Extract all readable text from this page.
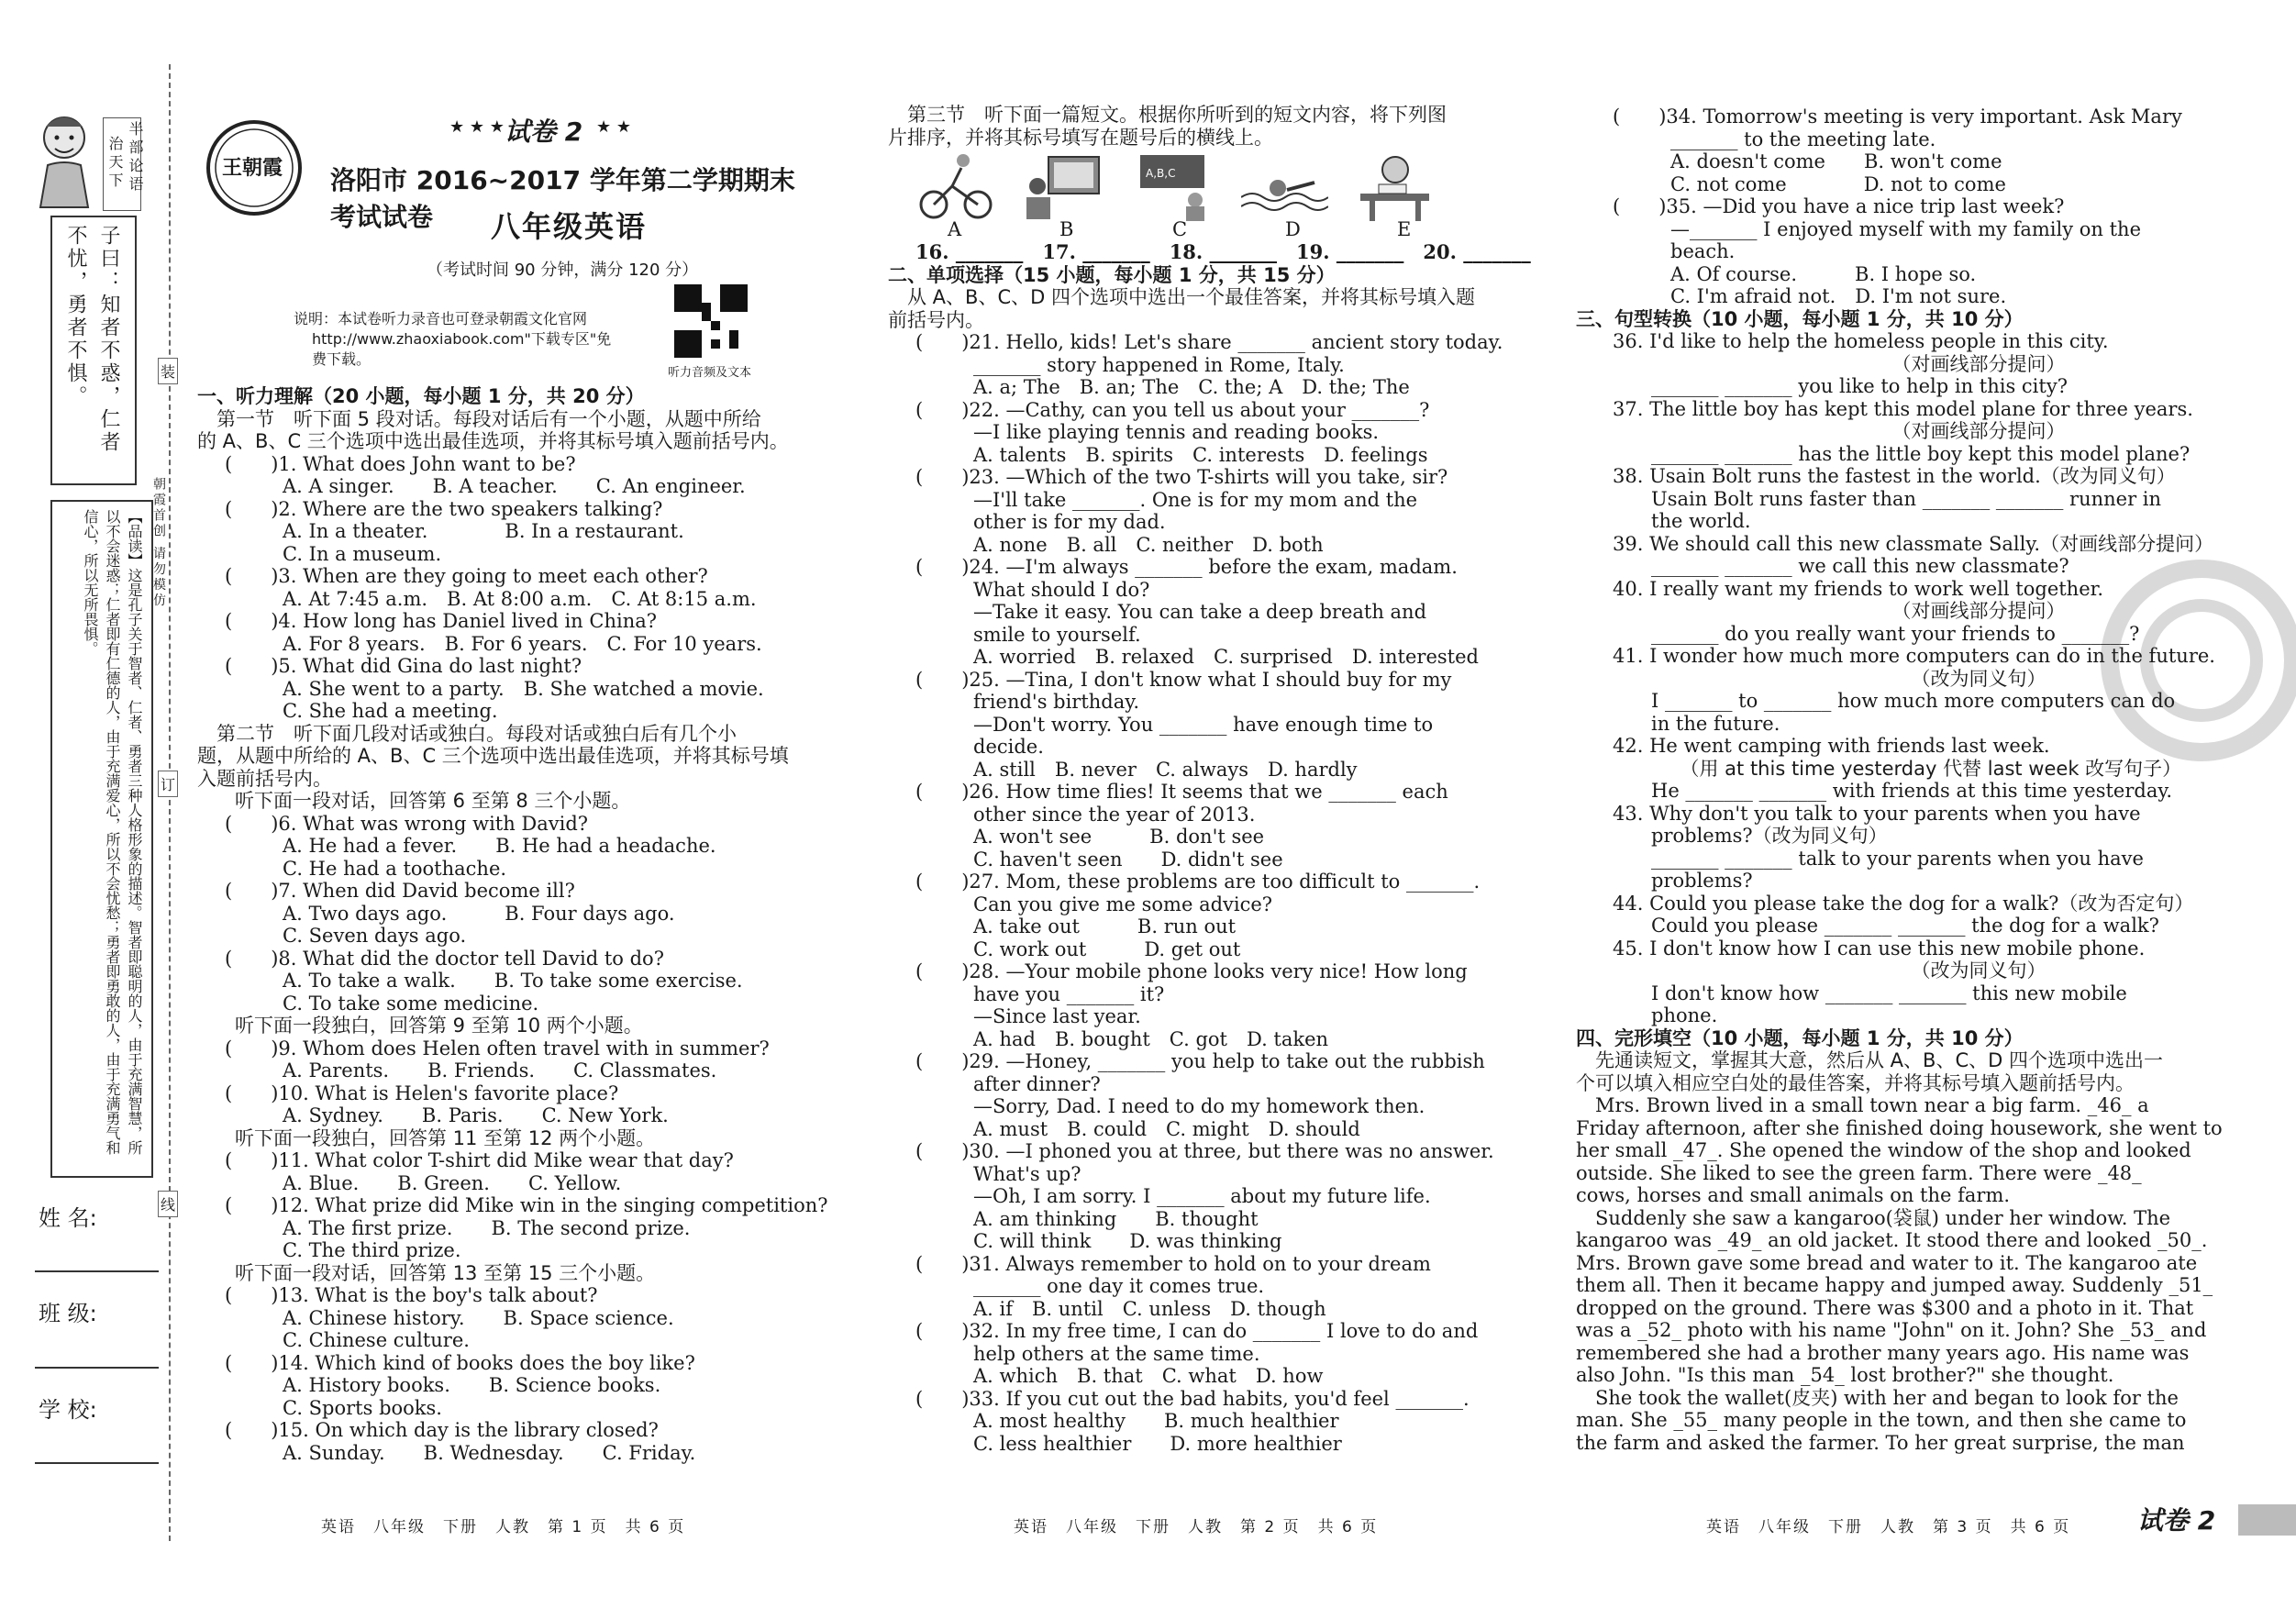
半部论语
治天下
子曰：知者不惑，仁者不忧，勇者不惧。
【品读】这是孔子关于智者、仁者、勇者三种人格形象的描述。智者即聪明的人，由于充满智慧，所以不会迷惑；仁者即有仁德的人，由于充满爱心，所以不会忧愁；勇者即勇敢的人，由于充满勇气和信心，所以无所畏惧。
姓 名:
班 级:
学 校:
装
订
线
朝霞首创 请勿模仿
王朝霞
★ ★ ★ 试卷 2 ★ ★
洛阳市 2016~2017 学年第二学期期末考试试卷	八年级英语
（考试时间 90 分钟，满分 120 分）
说明：本试卷听力录音也可登录朝霞文化官网
http://www.zhaoxiabook.com"下载专区"免
费下载。
听力音频及文本
一、听力理解（20 小题，每小题 1 分，共 20 分）
　第一节　听下面 5 段对话。每段对话后有一个小题，从题中所给
的 A、B、C 三个选项中选出最佳选项，并将其标号填入题前括号内。
(　　)1. What does John want to be?
　　　A. A singer.　　B. A teacher.　　C. An engineer.
(　　)2. Where are the two speakers talking?
　　　A. In a theater.　　　　B. In a restaurant.
　　　C. In a museum.
(　　)3. When are they going to meet each other?
　　　A. At 7:45 a.m.　B. At 8:00 a.m.　C. At 8:15 a.m.
(　　)4. How long has Daniel lived in China?
　　　A. For 8 years.　B. For 6 years.　C. For 10 years.
(　　)5. What did Gina do last night?
　　　A. She went to a party.　B. She watched a movie.
　　　C. She had a meeting.
　第二节　听下面几段对话或独白。每段对话或独白后有几个小
题，从题中所给的 A、B、C 三个选项中选出最佳选项，并将其标号填
入题前括号内。
　听下面一段对话，回答第 6 至第 8 三个小题。
(　　)6. What was wrong with David?
　　　A. He had a fever.　　B. He had a headache.
　　　C. He had a toothache.
(　　)7. When did David become ill?
　　　A. Two days ago.　　　B. Four days ago.
　　　C. Seven days ago.
(　　)8. What did the doctor tell David to do?
　　　A. To take a walk.　　B. To take some exercise.
　　　C. To take some medicine.
　听下面一段独白，回答第 9 至第 10 两个小题。
(　　)9. Whom does Helen often travel with in summer?
　　　A. Parents.　　B. Friends.　　C. Classmates.
(　　)10. What is Helen's favorite place?
　　　A. Sydney.　　B. Paris.　　C. New York.
　听下面一段独白，回答第 11 至第 12 两个小题。
(　　)11. What color T-shirt did Mike wear that day?
　　　A. Blue.　　B. Green.　　C. Yellow.
(　　)12. What prize did Mike win in the singing competition?
　　　A. The first prize.　　B. The second prize.
　　　C. The third prize.
　听下面一段对话，回答第 13 至第 15 三个小题。
(　　)13. What is the boy's talk about?
　　　A. Chinese history.　　B. Space science.
　　　C. Chinese culture.
(　　)14. Which kind of books does the boy like?
　　　A. History books.　　B. Science books.
　　　C. Sports books.
(　　)15. On which day is the library closed?
　　　A. Sunday.　　B. Wednesday.　　C. Friday.
　第三节　听下面一篇短文。根据你所听到的短文内容，将下列图
片排序，并将其标号填写在题号后的横线上。
A,B,C
A	B	C	D	E
16. _______　17. _______　18. _______　19. _______　20. _______
二、单项选择（15 小题，每小题 1 分，共 15 分）
　从 A、B、C、D 四个选项中选出一个最佳答案，并将其标号填入题
前括号内。
(　　)21. Hello, kids! Let's share _______ ancient story today.
　　　_______ story happened in Rome, Italy.
　　　A. a; The　B. an; The　C. the; A　D. the; The
(　　)22. —Cathy, can you tell us about your _______?
　　　—I like playing tennis and reading books.
　　　A. talents　B. spirits　C. interests　D. feelings
(　　)23. —Which of the two T-shirts will you take, sir?
　　　—I'll take _______. One is for my mom and the
　　　other is for my dad.
　　　A. none　B. all　C. neither　D. both
(　　)24. —I'm always _______ before the exam, madam.
　　　What should I do?
　　　—Take it easy. You can take a deep breath and
　　　smile to yourself.
　　　A. worried　B. relaxed　C. surprised　D. interested
(　　)25. —Tina, I don't know what I should buy for my
　　　friend's birthday.
　　　—Don't worry. You _______ have enough time to
　　　decide.
　　　A. still　B. never　C. always　D. hardly
(　　)26. How time flies! It seems that we _______ each
　　　other since the year of 2013.
　　　A. won't see　　　B. don't see
　　　C. haven't seen　　D. didn't see
(　　)27. Mom, these problems are too difficult to _______.
　　　Can you give me some advice?
　　　A. take out　　　B. run out
　　　C. work out　　　D. get out
(　　)28. —Your mobile phone looks very nice! How long
　　　have you _______ it?
　　　—Since last year.
　　　A. had　B. bought　C. got　D. taken
(　　)29. —Honey, _______ you help to take out the rubbish
　　　after dinner?
　　　—Sorry, Dad. I need to do my homework then.
　　　A. must　B. could　C. might　D. should
(　　)30. —I phoned you at three, but there was no answer.
　　　What's up?
　　　—Oh, I am sorry. I _______ about my future life.
　　　A. am thinking　　B. thought
　　　C. will think　　D. was thinking
(　　)31. Always remember to hold on to your dream
　　　_______ one day it comes true.
　　　A. if　B. until　C. unless　D. though
(　　)32. In my free time, I can do _______ I love to do and
　　　help others at the same time.
　　　A. which　B. that　C. what　D. how
(　　)33. If you cut out the bad habits, you'd feel _______.
　　　A. most healthy　　B. much healthier
　　　C. less healthier　　D. more healthier
(　　)34. Tomorrow's meeting is very important. Ask Mary
　　　_______ to the meeting late.
　　　A. doesn't come　　B. won't come
　　　C. not come　　　　D. not to come
(　　)35. —Did you have a nice trip last week?
　　　—_______ I enjoyed myself with my family on the
　　　beach.
　　　A. Of course.　　　B. I hope so.
　　　C. I'm afraid not.　D. I'm not sure.
三、句型转换（10 小题，每小题 1 分，共 10 分）
36. I'd like to help the homeless people in this city.
　　　　　　　　　　　　　　　（对画线部分提问）
　　_______ _______ you like to help in this city?
37. The little boy has kept this model plane for three years.
　　　　　　　　　　　　　　　（对画线部分提问）
　　_______ _______ has the little boy kept this model plane?
38. Usain Bolt runs the fastest in the world.（改为同义句）
　　Usain Bolt runs faster than _______ _______ runner in
　　the world.
39. We should call this new classmate Sally.（对画线部分提问）
　　_______ _______ we call this new classmate?
40. I really want my friends to work well together.
　　　　　　　　　　　　　　　（对画线部分提问）
　　_______ do you really want your friends to _______?
41. I wonder how much more computers can do in the future.
　　　　　　　　　　　　　　　　（改为同义句）
　　I _______ to _______ how much more computers can do
　　in the future.
42. He went camping with friends last week.
　　　　（用 at this time yesterday 代替 last week 改写句子）
　　He _______ _______ with friends at this time yesterday.
43. Why don't you talk to your parents when you have
　　problems?（改为同义句）
　　_______ _______ talk to your parents when you have
　　problems?
44. Could you please take the dog for a walk?（改为否定句）
　　Could you please _______ _______ the dog for a walk?
45. I don't know how I can use this new mobile phone.
　　　　　　　　　　　　　　　　（改为同义句）
　　I don't know how _______ _______ this new mobile
　　phone.
四、完形填空（10 小题，每小题 1 分，共 10 分）
　先通读短文，掌握其大意，然后从 A、B、C、D 四个选项中选出一
个可以填入相应空白处的最佳答案，并将其标号填入题前括号内。
　Mrs. Brown lived in a small town near a big farm. _46_ a
Friday afternoon, after she finished doing housework, she went to
her small _47_. She opened the window of the shop and looked
outside. She liked to see the green farm. There were _48_
cows, horses and small animals on the farm.
　Suddenly she saw a kangaroo(袋鼠) under her window. The
kangaroo was _49_ an old jacket. It stood there and looked _50_.
Mrs. Brown gave some bread and water to it. The kangaroo ate
them all. Then it became happy and jumped away. Suddenly _51_
dropped on the ground. There was $300 and a photo in it. That
was a _52_ photo with his name "John" on it. John? She _53_ and
remembered she had a brother many years ago. His name was
also John. "Is this man _54_ lost brother?" she thought.
　She took the wallet(皮夹) with her and began to look for the
man. She _55_ many people in the town, and then she came to
the farm and asked the farmer. To her great surprise, the man
英语　八年级　下册　人教　第 1 页　共 6 页	英语　八年级　下册　人教　第 2 页　共 6 页	英语　八年级　下册　人教　第 3 页　共 6 页	试卷 2
